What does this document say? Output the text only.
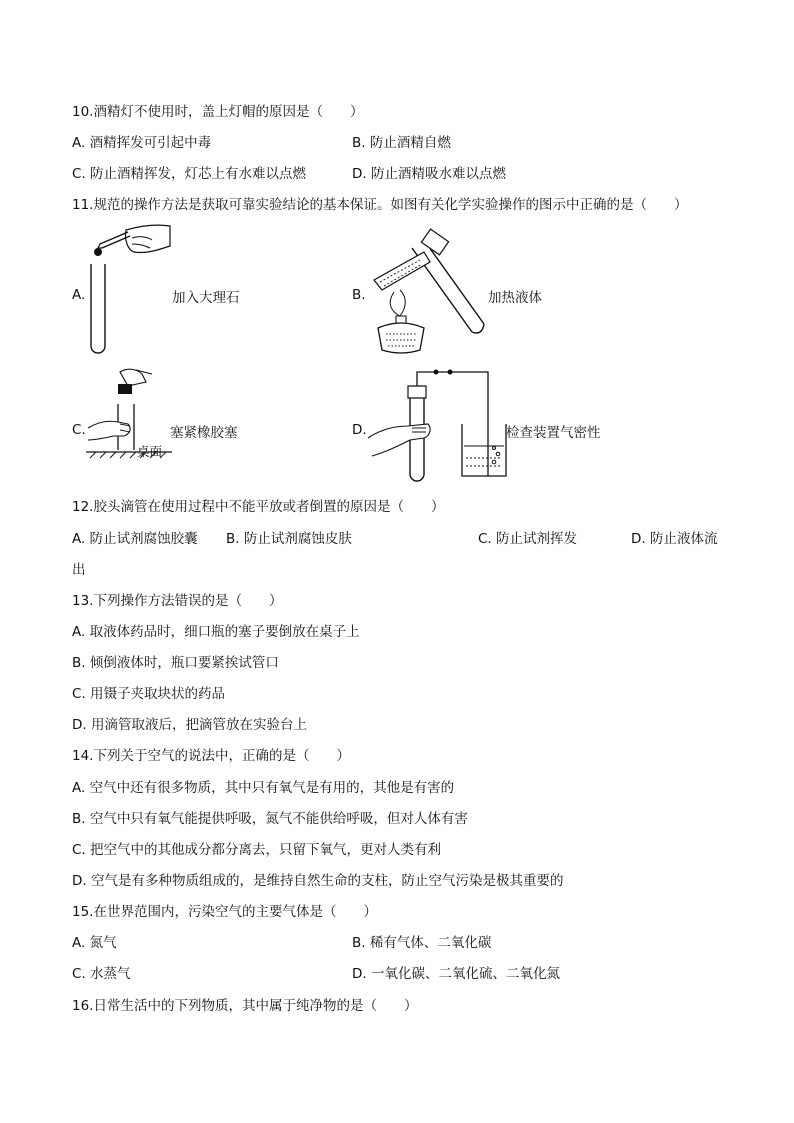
10.酒精灯不使用时，盖上灯帽的原因是（　　）
A. 酒精挥发可引起中毒	B. 防止酒精自燃
C. 防止酒精挥发，灯芯上有水难以点燃	D. 防止酒精吸水难以点燃
11.规范的操作方法是获取可靠实验结论的基本保证。如图有关化学实验操作的图示中正确的是（　　）
A.	加入大理石	B.	加热液体
C.
桌面
塞紧橡胶塞	D.	检查装置气密性
12.胶头滴管在使用过程中不能平放或者倒置的原因是（　　）
A. 防止试剂腐蚀胶囊 B. 防止试剂腐蚀皮肤	C. 防止试剂挥发	D. 防止液体流
出
13.下列操作方法错误的是（　　）
A. 取液体药品时，细口瓶的塞子要倒放在桌子上
B. 倾倒液体时，瓶口要紧挨试管口
C. 用镊子夹取块状的药品
D. 用滴管取液后，把滴管放在实验台上
14.下列关于空气的说法中，正确的是（　　）
A. 空气中还有很多物质，其中只有氧气是有用的，其他是有害的
B. 空气中只有氧气能提供呼吸，氮气不能供给呼吸，但对人体有害
C. 把空气中的其他成分都分离去，只留下氧气，更对人类有利
D. 空气是有多种物质组成的，是维持自然生命的支柱，防止空气污染是极其重要的
15.在世界范围内，污染空气的主要气体是（　　）
A. 氮气	B. 稀有气体、二氧化碳
C. 水蒸气	D. 一氧化碳、二氧化硫、二氧化氮
16.日常生活中的下列物质，其中属于纯净物的是（　　）
